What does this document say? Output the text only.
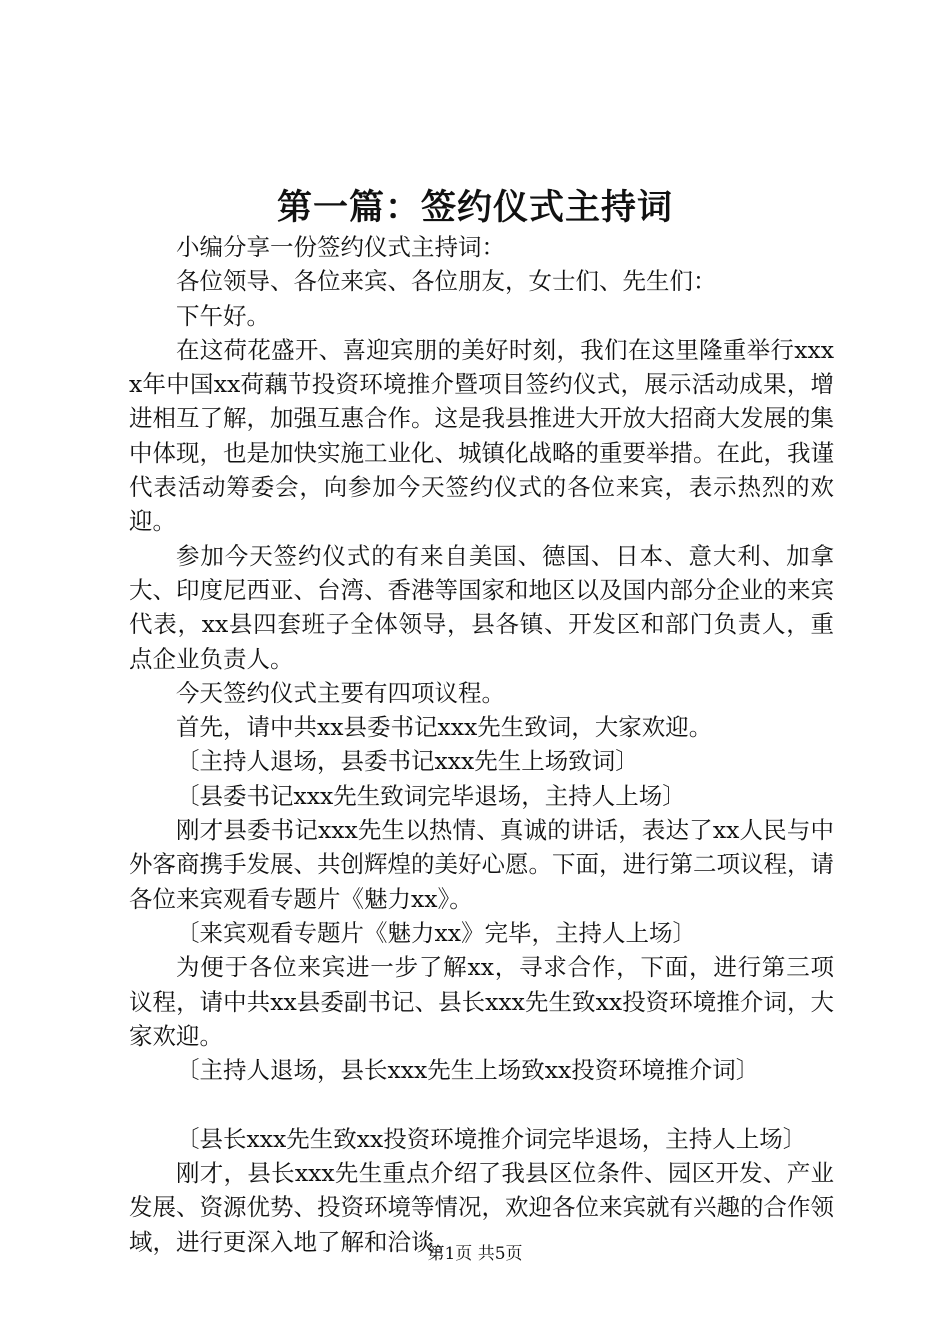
第一篇：签约仪式主持词

小编分享一份签约仪式主持词：

各位领导、各位来宾、各位朋友，女士们、先生们：

下午好。

在这荷花盛开、喜迎宾朋的美好时刻，我们在这里隆重举行xxxx年中国xx荷藕节投资环境推介暨项目签约仪式，展示活动成果，增进相互了解，加强互惠合作。这是我县推进大开放大招商大发展的集中体现，也是加快实施工业化、城镇化战略的重要举措。在此，我谨代表活动筹委会，向参加今天签约仪式的各位来宾，表示热烈的欢迎。

参加今天签约仪式的有来自美国、德国、日本、意大利、加拿大、印度尼西亚、台湾、香港等国家和地区以及国内部分企业的来宾代表，xx县四套班子全体领导，县各镇、开发区和部门负责人，重点企业负责人。

今天签约仪式主要有四项议程。

首先，请中共xx县委书记xxx先生致词，大家欢迎。

〔主持人退场，县委书记xxx先生上场致词〕

〔县委书记xxx先生致词完毕退场，主持人上场〕

刚才县委书记xxx先生以热情、真诚的讲话，表达了xx人民与中外客商携手发展、共创辉煌的美好心愿。下面，进行第二项议程，请各位来宾观看专题片《魅力xx》。

〔来宾观看专题片《魅力xx》完毕，主持人上场〕

为便于各位来宾进一步了解xx，寻求合作，下面，进行第三项议程，请中共xx县委副书记、县长xxx先生致xx投资环境推介词，大家欢迎。

〔主持人退场，县长xxx先生上场致xx投资环境推介词〕

〔县长xxx先生致xx投资环境推介词完毕退场，主持人上场〕

刚才，县长xxx先生重点介绍了我县区位条件、园区开发、产业发展、资源优势、投资环境等情况，欢迎各位来宾就有兴趣的合作领域，进行更深入地了解和洽谈。

第1页 共5页
